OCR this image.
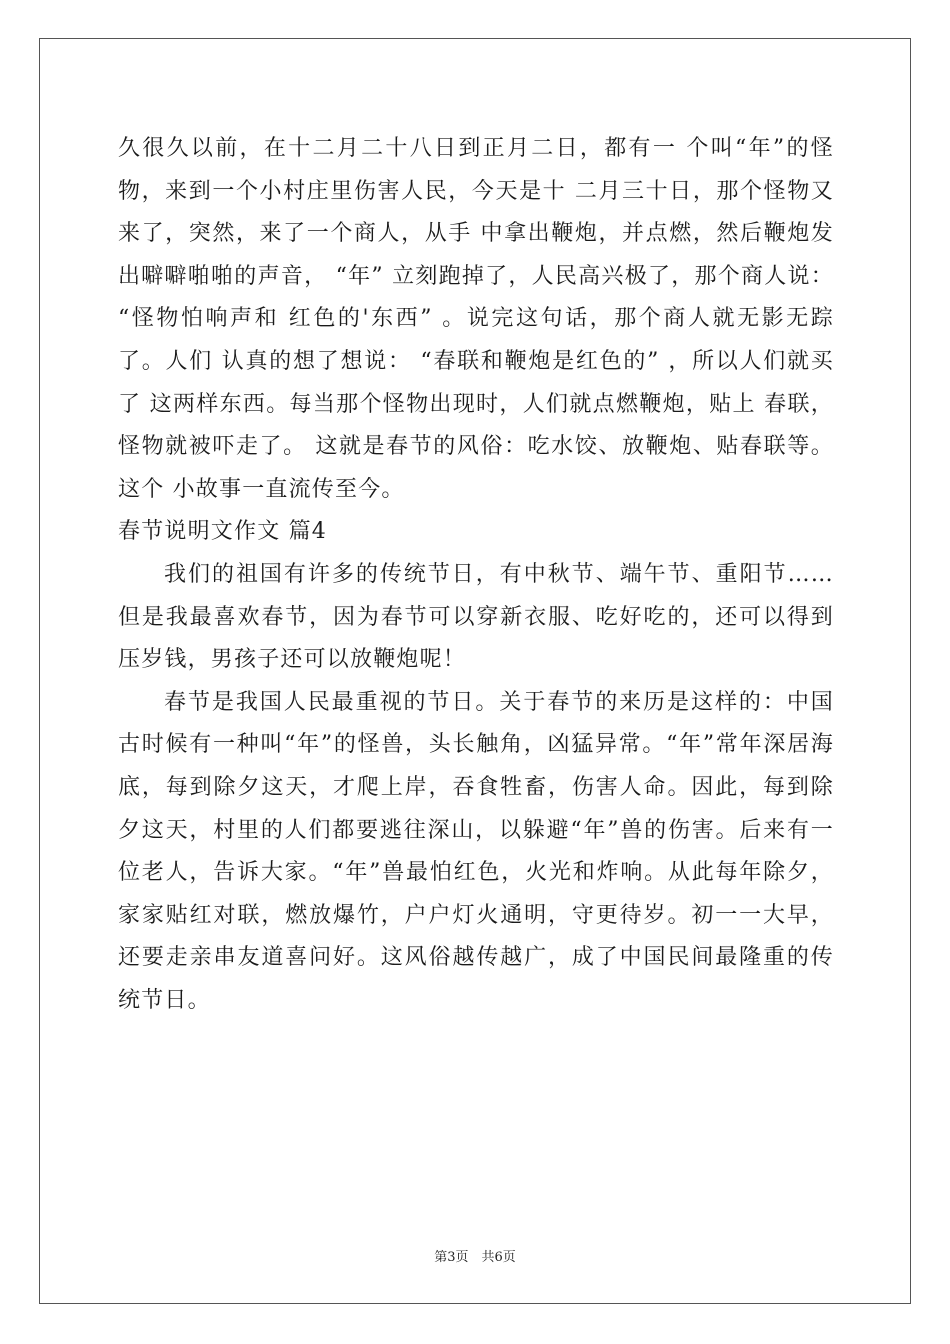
久很久以前，在十二月二十八日到正月二日，都有一 个叫“年”的怪物，来到一个小村庄里伤害人民，今天是十 二月三十日，那个怪物又来了，突然，来了一个商人，从手 中拿出鞭炮，并点燃，然后鞭炮发出噼噼啪啪的声音， “年” 立刻跑掉了，人民高兴极了，那个商人说： “怪物怕响声和 红色的'东西” 。说完这句话，那个商人就无影无踪了。人们 认真的想了想说： “春联和鞭炮是红色的” ，所以人们就买了 这两样东西。每当那个怪物出现时，人们就点燃鞭炮，贴上 春联，怪物就被吓走了。 这就是春节的风俗：吃水饺、放鞭炮、贴春联等。这个 小故事一直流传至今。

春节说明文作文 篇4

我们的祖国有许多的传统节日，有中秋节、端午节、重阳节……但是我最喜欢春节，因为春节可以穿新衣服、吃好吃的，还可以得到压岁钱，男孩子还可以放鞭炮呢！

春节是我国人民最重视的节日。关于春节的来历是这样的：中国古时候有一种叫“年”的怪兽，头长触角，凶猛异常。“年”常年深居海底，每到除夕这天，才爬上岸，吞食牲畜，伤害人命。因此，每到除夕这天，村里的人们都要逃往深山，以躲避“年”兽的伤害。后来有一位老人，告诉大家。“年”兽最怕红色，火光和炸响。从此每年除夕，家家贴红对联，燃放爆竹，户户灯火通明，守更待岁。初一一大早，还要走亲串友道喜问好。这风俗越传越广，成了中国民间最隆重的传统节日。

第3页　共6页
